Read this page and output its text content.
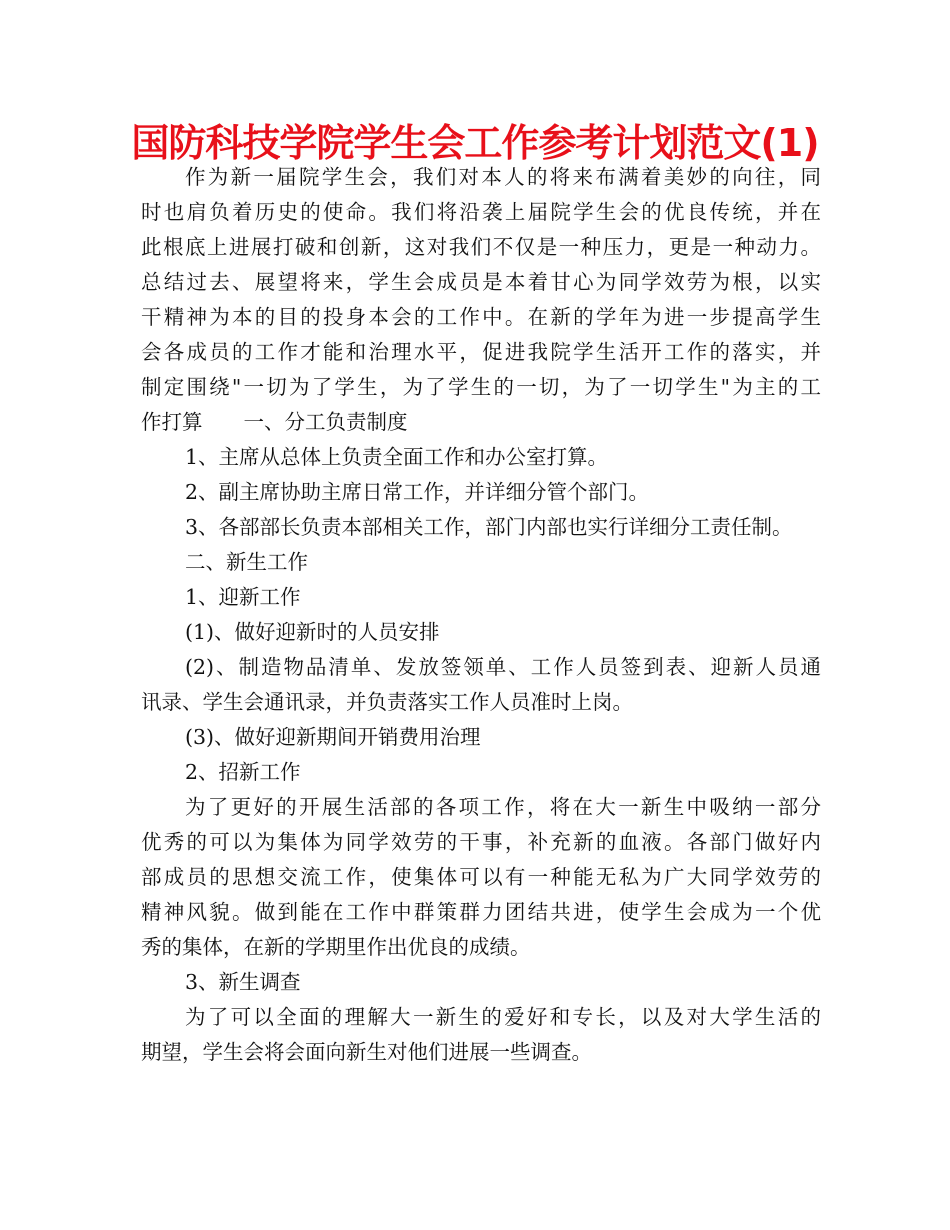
国防科技学院学生会工作参考计划范文(1)
作为新一届院学生会，我们对本人的将来布满着美妙的向往，同
时也肩负着历史的使命。我们将沿袭上届院学生会的优良传统，并在
此根底上进展打破和创新，这对我们不仅是一种压力，更是一种动力。
总结过去、展望将来，学生会成员是本着甘心为同学效劳为根，以实
干精神为本的目的投身本会的工作中。在新的学年为进一步提高学生
会各成员的工作才能和治理水平，促进我院学生活开工作的落实，并
制定围绕"一切为了学生，为了学生的一切，为了一切学生"为主的工
作打算　　一、分工负责制度
1、主席从总体上负责全面工作和办公室打算。
2、副主席协助主席日常工作，并详细分管个部门。
3、各部部长负责本部相关工作，部门内部也实行详细分工责任制。
二、新生工作
1、迎新工作
(1)、做好迎新时的人员安排
(2)、制造物品清单、发放签领单、工作人员签到表、迎新人员通
讯录、学生会通讯录，并负责落实工作人员准时上岗。
(3)、做好迎新期间开销费用治理
2、招新工作
为了更好的开展生活部的各项工作，将在大一新生中吸纳一部分
优秀的可以为集体为同学效劳的干事，补充新的血液。各部门做好内
部成员的思想交流工作，使集体可以有一种能无私为广大同学效劳的
精神风貌。做到能在工作中群策群力团结共进，使学生会成为一个优
秀的集体，在新的学期里作出优良的成绩。
3、新生调查
为了可以全面的理解大一新生的爱好和专长，以及对大学生活的
期望，学生会将会面向新生对他们进展一些调查。
